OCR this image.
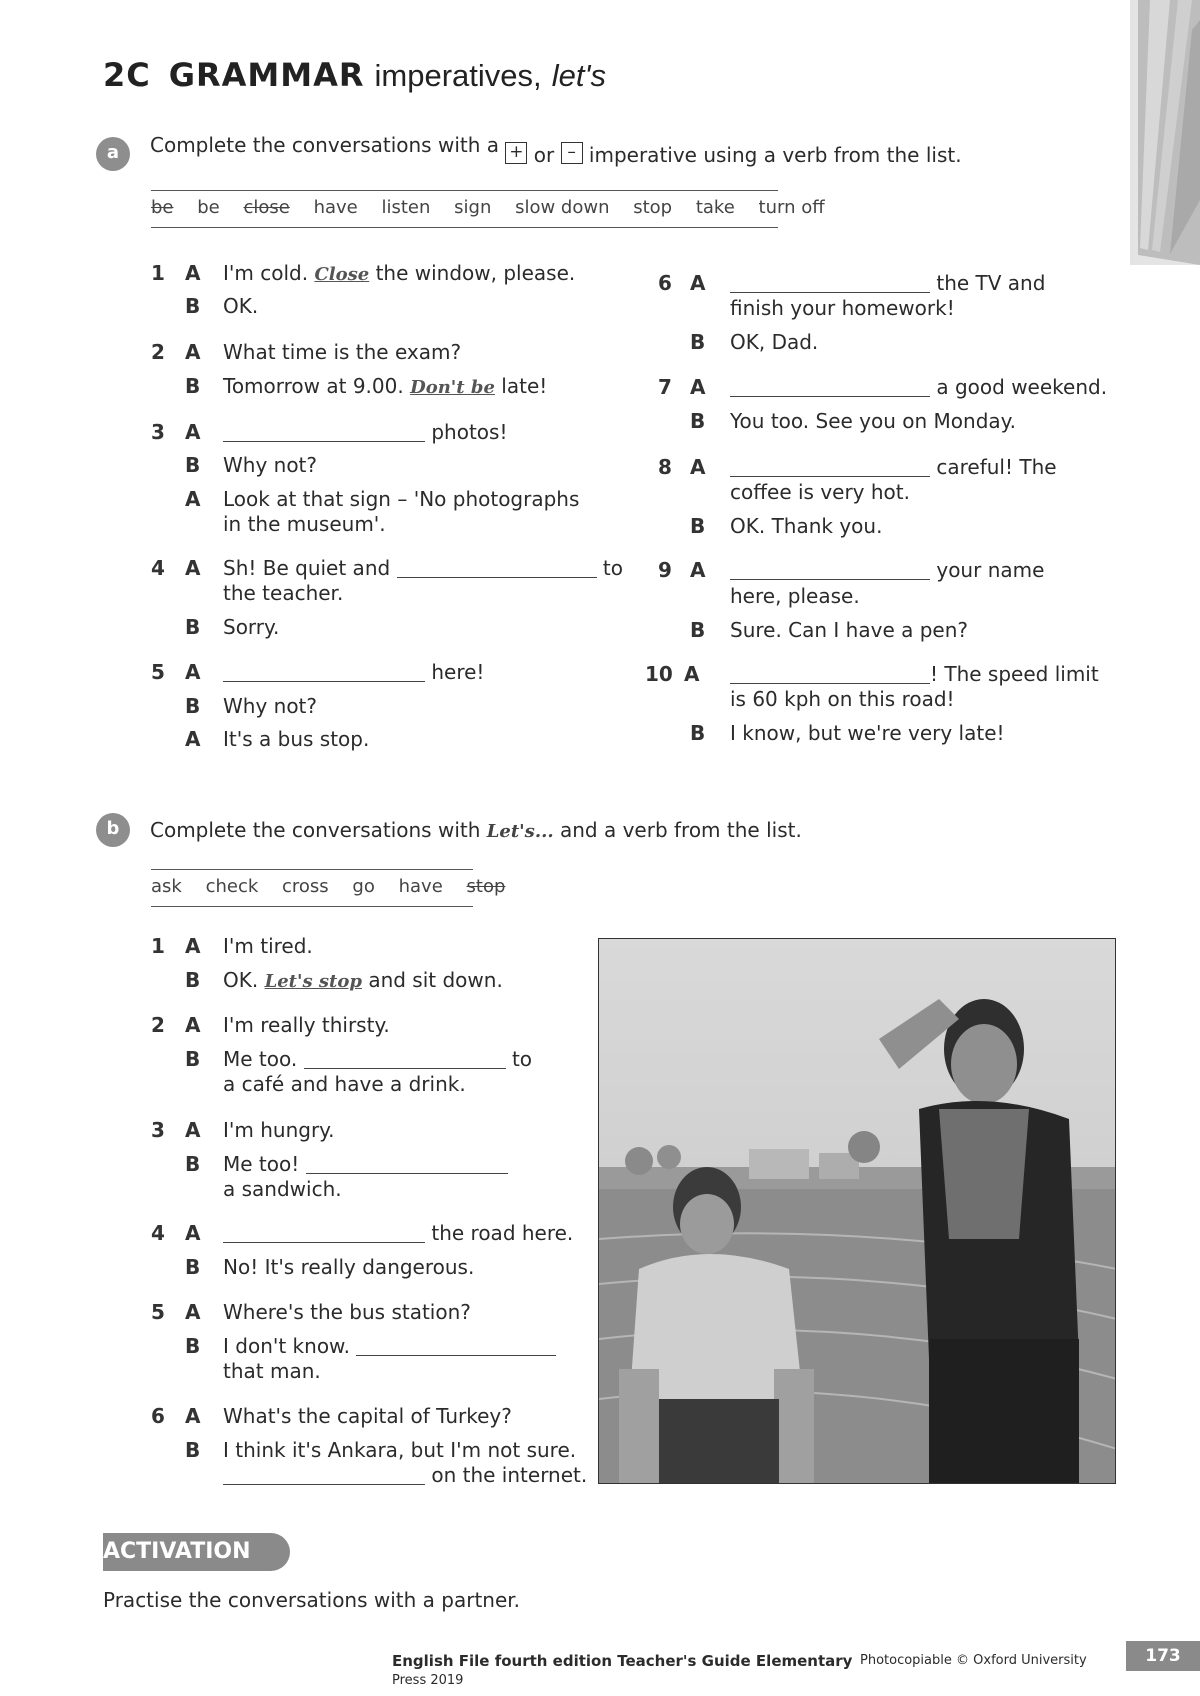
2C GRAMMAR imperatives, let's
a	Complete the conversations with a + or – imperative using a verb from the list.
be be close have listen sign slow down stop take turn off
1 A I'm cold. Close the window, please.
B OK.
2 A What time is the exam?
B Tomorrow at 9.00. Don't be late!
3 A	photos!
B Why not?
A Look at that sign – 'No photographs
in the museum'.
4 A Sh! Be quiet and	to
the teacher.
B Sorry.
5 A	here!
B Why not?
A It's a bus stop.
6 A	the TV and
finish your homework!
B OK, Dad.
7 A	a good weekend.
B You too. See you on Monday.
8 A	careful! The
coffee is very hot.
B OK. Thank you.
9 A	your name
here, please.
B Sure. Can I have a pen?
10 A	! The speed limit
is 60 kph on this road!
B I know, but we're very late!
b	Complete the conversations with Let's... and a verb from the list.
ask check cross go have stop
1 A I'm tired.
B OK. Let's stop and sit down.
2 A I'm really thirsty.
B Me too.	to
a café and have a drink.
3 A I'm hungry.
B Me too!
a sandwich.
4 A	the road here.
B No! It's really dangerous.
5 A Where's the bus station?
B I don't know.
that man.
6 A What's the capital of Turkey?
B I think it's Ankara, but I'm not sure.
on the internet.
ACTIVATION
Practise the conversations with a partner.
English File fourth edition Teacher's Guide Elementary Photocopiable © Oxford University
Press 2019
173
